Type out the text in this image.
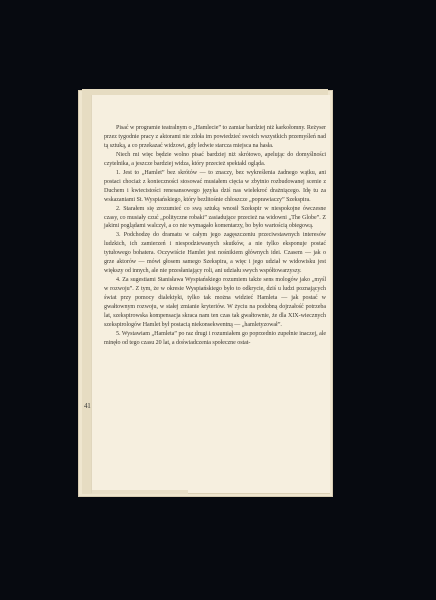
41

Pisać w programie teatralnym o „Hamlecie” to zamiar bardziej niż karkołomny. Reżyser przez tygodnie pracy z aktorami nie zdoła im powiedzieć swoich wszystkich przemyśleń nad tą sztuką, a co przekazać widzowi, gdy ledwie starcza miejsca na hasła.

Niech mi więc będzie wolno pisać bardziej niż skrótowo, apelując do domyślności czytelnika, a jeszcze bardziej widza, który przecież spektakl ogląda.

1. Jest to „Hamlet” bez skrótów — to znaczy, bez wykreślenia żadnego wątku, ani postaci chociaż z konieczności stosować musiałem cięcia w zbytnio rozbudowanej scenie z Duchem i kwiecistości renesansowego języka dziś nas wielekroć drażniącego. Idę tu za wskazaniami St. Wyspiańskiego, który bezlitośnie chłoszcze „poprawiaczy” Szekspira.

2. Starałem się zrozumieć co swą sztuką wnosił Szekspir w niespokojne ówczesne czasy, co musiały czuć „polityczne robaki” zasiadujące przecież na widowni „The Globe”. Z jakimi poglądami walczył, a co nie wymagało komentarzy, bo było wartością obiegową.

3. Podchodzę do dramatu w całym jego zagęszczeniu przeciwstawnych interesów ludzkich, ich zamierzeń i niespodziewanych skutków, a nie tylko eksponuje postać tytułowego bohatera. Oczywiście Hamlet jest nośnikiem głównych idei. Czasem — jak o grze aktorów — mówi głosem samego Szekspira, a więc i jego udział w widowisku jest większy od innych, ale nie przesłaniający roli, ani udziału swych współtowarzyszy.

4. Za sugestiami Stanisława Wyspiańskiego rozumiem także sens mologów jako „myśl w rozwoju”. Z tym, że w okresie Wyspiańskiego było to odkrycie, dziś u ludzi poznających świat przy pomocy dialektyki, tylko tak można widzieć Hamleta — jak postać w gwałtownym rozwoju, w stałej zmianie kryteriów. W życiu na podobną dojrzałość potrzeba lat, szekspirowska kompensacja skraca nam ten czas tak gwałtownie, że dla XIX-wiecznych szekspirologów Hamlet był postacią niekonsekwentną — „hamletyzował”.

5. Wystawiam „Hamleta” po raz drugi i rozumiałem go poprzednio zupełnie inaczej, ale minęło od tego czasu 20 lat, a doświadczenia społeczne ostat-
